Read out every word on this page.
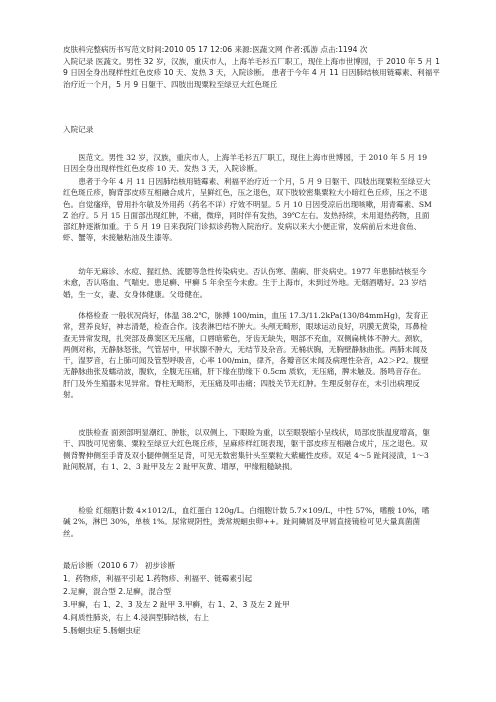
皮肤科完整病历书写范文时间:2010 05 17 12:06 来源:医蔬文网 作者:孤游 点击:1194 次

入院记录 医蔬文。男性 32 岁，汉族，重庆市人，上海羊毛衫五厂职工，现住上海市世博园，于 2010 年 5 月 19 日因全身出现样性红色皮疹 10 天、发热 3 天，入院诊断。 患者于今年 4 月 11 日因肺结核用链霉素、利福平治疗近一个月，5 月 9 日躯干、四肢出现粟粒至绿豆大红色斑丘

入院记录

医范文。男性 32 岁，汉族，重庆市人，上海羊毛衫五厂职工，现住上海市世博园，于 2010 年 5 月 19 日因全身出现样性红色皮疹 10 天、发热 3 天，入院诊断。

患者于今年 4 月 11 日因肺结核用链霉素、利福平治疗近一个月，5 月 9 日躯干、四肢出现粟粒至绿豆大红色斑丘疹，胸背部皮疹互相融合成片，呈鲜红色，压之退色，双下肢较密集粟粒大小暗红色丘疹，压之不退色。自觉瘙痒，曾用扑尔敏及外用药（药名不详）疗效不明显。5 月 10 日因受凉后出现咳嗽，用青霉素、SMZ 治疗。5 月 15 日面部出现红肿，不痛，微痒，同时伴有发热，39℃左右。发热持续，未用退热药物，且面部红肿逐渐加重。于 5 月 19 日来我院门诊拟诊药物入院治疗。发病以来大小便正常，发病前后未进食鱼、虾、蟹等，未接触粘油及生漆等。

幼年无麻诊、水痘、猩红热、流腮等急性传染病史。否认伤寒、菌痢、肝炎病史。1977 年患肺结核至今未愈，否认咯血、气喘史。患足癣、甲癣 5 年余至今未愈。生于上海市，未到过外地。无烟酒嗜好。23 岁结婚，生一女，妻、女身体健康。父母健在。

体格检查 一般状况尚好，体温 38.2℃，脉搏 100/min，血压 17.3/11.2kPa(130/84mmHg)，发育正常，营养良好，神志清楚，检查合作。浅表淋巴结不肿大。头颅无畸形，眼球运动良好，巩膜无黄染，耳鼻检查无异常发现，扎突部及鼻窦区无压痛，口唇暗紫色，牙齿无缺失，咽部不充血，双侧扁桃体不肿大。颈软，两侧对称，无静脉怒张，气管居中，甲状腺不肿大，无结节及杂音。无桶状胸，无胸壁静脉曲张。两肺未闻及干，湿罗音，右上肺可闻及管型呼吸音，心率 100/min，律齐，各瓣音区未闻及病理性杂音，A2＞P2。腹壁无静脉曲张及蠕动波，腹软，全腹无压痛，肝下缘在肋缘下 0.5cm 质软，无压痛，脾未触及。肠鸣音存在。肝门及外生殖器未见异常。脊柱无畸形，无压痛及叩击痛；四肢关节无红肿。生理反射存在，未引出病理反射。

皮肤检查 面颈部明显潮红、肿胀，以双侧上、下眼睑为重，以至眼裂缩小呈线状，局部皮肤温度增高，躯干、四肢可见密集、粟粒至绿豆大红色斑丘疹，呈麻疹样红斑表现，躯干部皮疹互相融合成片，压之退色。双侧背臀伸侧至手背及双小腿伸侧至足背，可见无数密集针头至粟粒大紫癜性皮疹。双足 4～5 趾间浸渍，1～3 趾间脱屑，右 1、2、3 趾甲及左 2 趾甲灰黄、增厚，甲缘粗糙缺损。

检验 红细胞计数 4×1012/L，血红蛋白 120g/L。白细胞计数 5.7×109/L，中性 57%，嗜酸 10%，嗜碱 2%，淋巴 30%，单核 1%。尿常规阴性，粪常规蛔虫卵++。趾间鳞屑及甲屑直接镜检可见大量真菌菌丝。

最后诊断（2010 6 7） 初步诊断

1．药物疹，利福平引起 1.药物疹、利福平、链霉素引起

2.足癣，混合型 2.足癣，混合型

3.甲癣，右 1、2、3 及左 2 趾甲 3.甲癣，右 1、2、3 及左 2 趾甲

4.间质性肺炎，右上 4.浸润型肺结核，右上

5.肠蛔虫症 5.肠蛔虫症
